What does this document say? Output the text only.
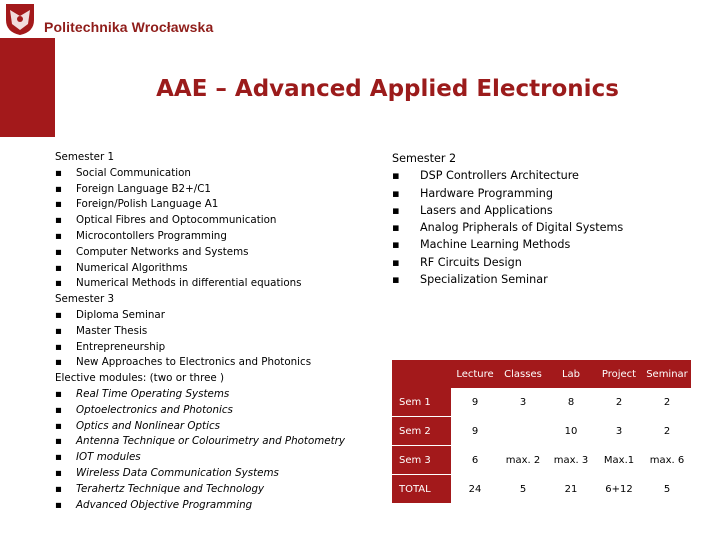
Politechnika Wrocławska
AAE – Advanced Applied Electronics
Semester 1
▪ Social Communication
▪ Foreign Language B2+/C1
▪ Foreign/Polish Language A1
▪ Optical Fibres and Optocommunication
▪ Microcontollers Programming
▪ Computer Networks and Systems
▪ Numerical Algorithms
▪ Numerical Methods in differential equations
Semester 3
▪ Diploma Seminar
▪ Master Thesis
▪ Entrepreneurship
▪ New Approaches to Electronics and Photonics
Elective modules: (two or three )
▪ Real Time Operating Systems
▪ Optoelectronics and Photonics
▪ Optics and Nonlinear Optics
▪ Antenna Technique or Colourimetry and Photometry
▪ IOT modules
▪ Wireless Data Communication Systems
▪ Terahertz Technique and Technology
▪ Advanced Objective Programming
Semester 2
▪ DSP Controllers Architecture
▪ Hardware Programming
▪ Lasers and Applications
▪ Analog Pripherals of Digital Systems
▪ Machine Learning Methods
▪ RF Circuits Design
▪ Specialization Seminar
	Lecture	Classes	Lab	Project	Seminar
Sem 1	9	3	8	2	2
Sem 2	9		10	3	2
Sem 3	6	max. 2	max. 3	Max.1	max. 6
TOTAL	24	5	21	6+12	5
